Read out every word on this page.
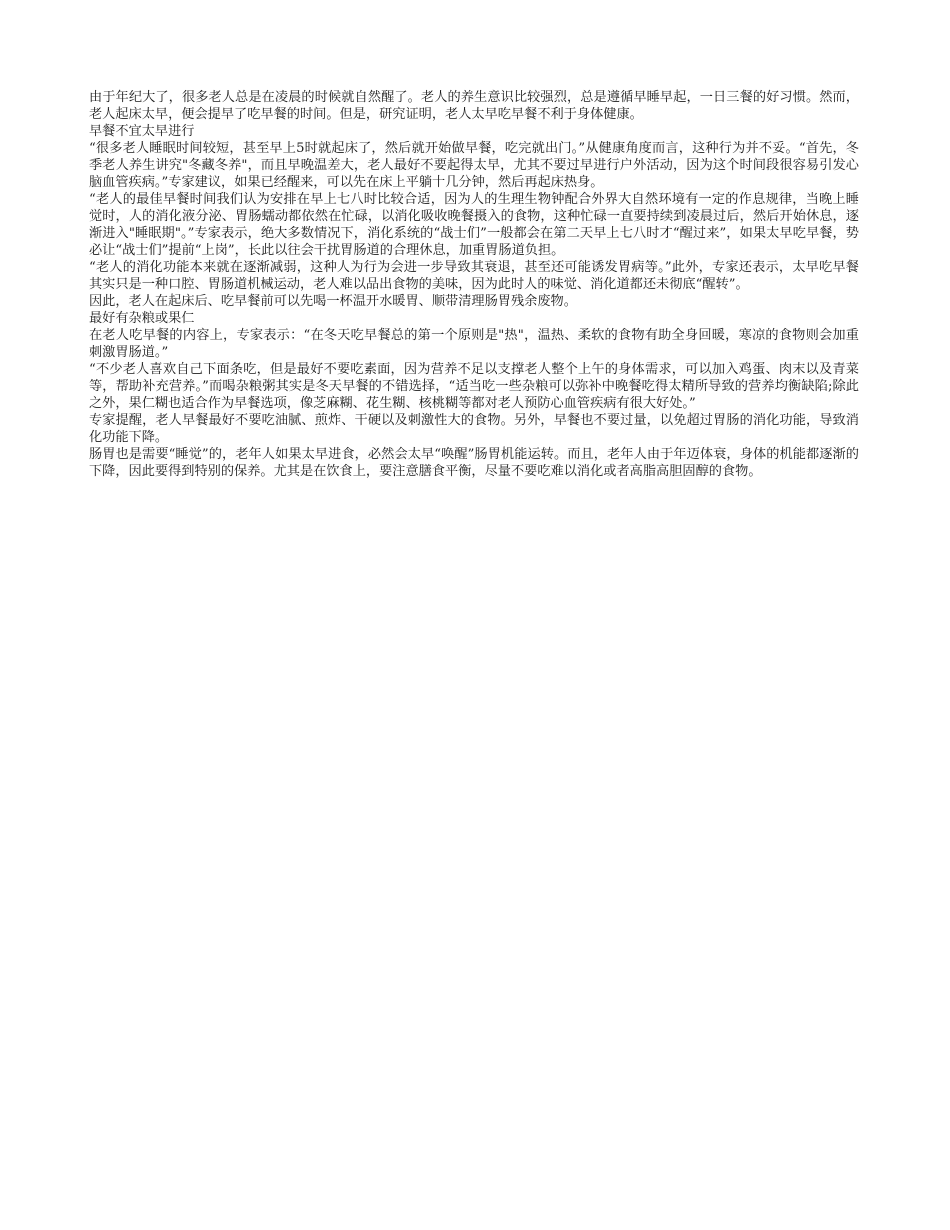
由于年纪大了，很多老人总是在凌晨的时候就自然醒了。老人的养生意识比较强烈，总是遵循早睡早起，一日三餐的好习惯。然而，老人起床太早，便会提早了吃早餐的时间。但是，研究证明，老人太早吃早餐不利于身体健康。

早餐不宜太早进行

“很多老人睡眠时间较短，甚至早上5时就起床了，然后就开始做早餐，吃完就出门。”从健康角度而言，这种行为并不妥。“首先，冬季老人养生讲究"冬藏冬养"，而且早晚温差大，老人最好不要起得太早，尤其不要过早进行户外活动，因为这个时间段很容易引发心脑血管疾病。”专家建议，如果已经醒来，可以先在床上平躺十几分钟，然后再起床热身。

“老人的最佳早餐时间我们认为安排在早上七八时比较合适，因为人的生理生物钟配合外界大自然环境有一定的作息规律，当晚上睡觉时，人的消化液分泌、胃肠蠕动都依然在忙碌，以消化吸收晚餐摄入的食物，这种忙碌一直要持续到凌晨过后，然后开始休息，逐渐进入"睡眠期"。”专家表示，绝大多数情况下，消化系统的“战士们”一般都会在第二天早上七八时才“醒过来”，如果太早吃早餐，势必让“战士们”提前“上岗”，长此以往会干扰胃肠道的合理休息，加重胃肠道负担。

“老人的消化功能本来就在逐渐减弱，这种人为行为会进一步导致其衰退，甚至还可能诱发胃病等。”此外，专家还表示，太早吃早餐其实只是一种口腔、胃肠道机械运动，老人难以品出食物的美味，因为此时人的味觉、消化道都还未彻底“醒转”。

因此，老人在起床后、吃早餐前可以先喝一杯温开水暖胃、顺带清理肠胃残余废物。

最好有杂粮或果仁

在老人吃早餐的内容上，专家表示：“在冬天吃早餐总的第一个原则是"热"，温热、柔软的食物有助全身回暖，寒凉的食物则会加重刺激胃肠道。”

“不少老人喜欢自己下面条吃，但是最好不要吃素面，因为营养不足以支撑老人整个上午的身体需求，可以加入鸡蛋、肉末以及青菜等，帮助补充营养。”而喝杂粮粥其实是冬天早餐的不错选择，“适当吃一些杂粮可以弥补中晚餐吃得太精所导致的营养均衡缺陷;除此之外，果仁糊也适合作为早餐选项，像芝麻糊、花生糊、核桃糊等都对老人预防心血管疾病有很大好处。”

专家提醒，老人早餐最好不要吃油腻、煎炸、干硬以及刺激性大的食物。另外，早餐也不要过量，以免超过胃肠的消化功能，导致消化功能下降。

肠胃也是需要“睡觉”的，老年人如果太早进食，必然会太早“唤醒”肠胃机能运转。而且，老年人由于年迈体衰，身体的机能都逐渐的下降，因此要得到特别的保养。尤其是在饮食上，要注意膳食平衡，尽量不要吃难以消化或者高脂高胆固醇的食物。
